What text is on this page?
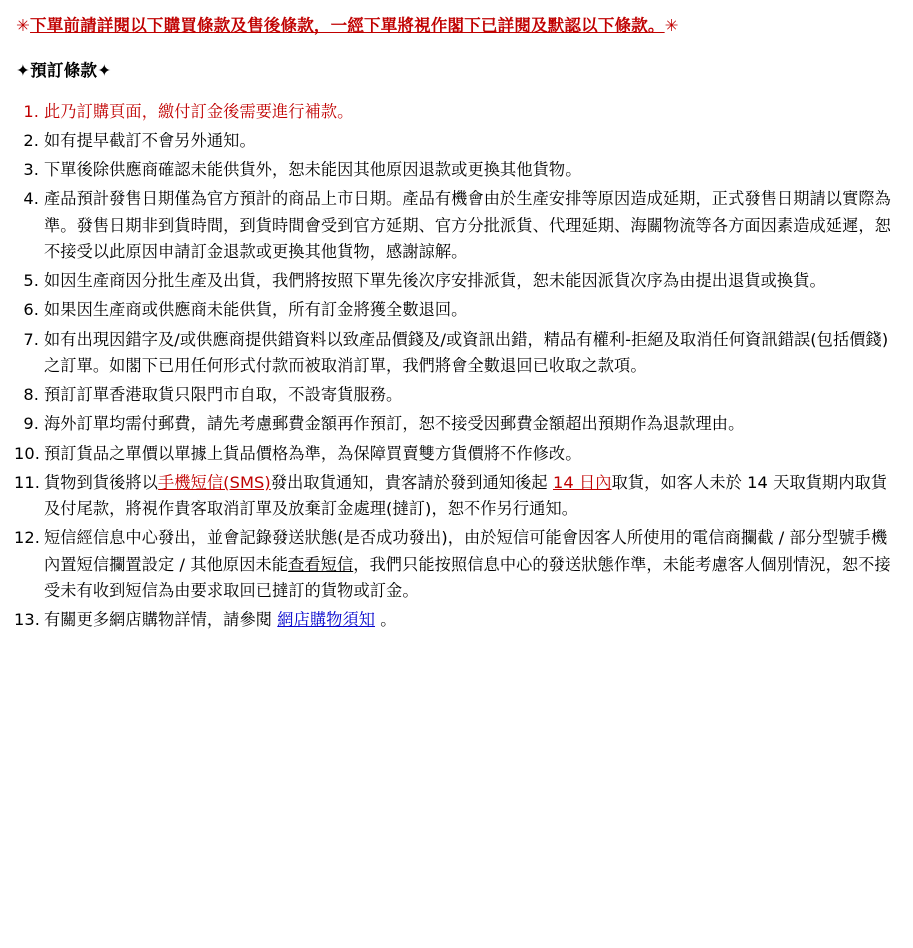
✳下單前請詳閱以下購買條款及售後條款，一經下單將視作閣下已詳閱及默認以下條款。✳
✦預訂條款✦
1. 此乃訂購頁面，繳付訂金後需要進行補款。
2. 如有提早截訂不會另外通知。
3. 下單後除供應商確認未能供貨外，恕未能因其他原因退款或更換其他貨物。
4. 產品預計發售日期僅為官方預計的商品上市日期。產品有機會由於生產安排等原因造成延期，正式發售日期請以實際為準。發售日期非到貨時間，到貨時間會受到官方延期、官方分批派貨、代理延期、海關物流等各方面因素造成延遲，恕不接受以此原因申請訂金退款或更換其他貨物，感謝諒解。
5. 如因生產商因分批生產及出貨，我們將按照下單先後次序安排派貨，恕未能因派貨次序為由提出退貨或換貨。
6. 如果因生產商或供應商未能供貨，所有訂金將獲全數退回。
7. 如有出現因錯字及/或供應商提供錯資料以致產品價錢及/或資訊出錯，精品有權利-拒絕及取消任何資訊錯誤(包括價錢) 之訂單。如閣下已用任何形式付款而被取消訂單，我們將會全數退回已收取之款項。
8. 預訂訂單香港取貨只限門市自取，不設寄貨服務。
9. 海外訂單均需付郵費，請先考慮郵費金額再作預訂，恕不接受因郵費金額超出預期作為退款理由。
10. 預訂貨品之單價以單據上貨品價格為準，為保障買賣雙方貨價將不作修改。
11. 貨物到貨後將以手機短信(SMS)發出取貨通知，貴客請於發到通知後起 14 日內取貨，如客人未於 14 天取貨期内取貨及付尾款，將視作貴客取消訂單及放棄訂金處理(撻訂)，恕不作另行通知。
12. 短信經信息中心發出，並會記錄發送狀態(是否成功發出)，由於短信可能會因客人所使用的電信商攔截 / 部分型號手機內置短信攔置設定 / 其他原因未能查看短信，我們只能按照信息中心的發送狀態作準，未能考慮客人個別情況，恕不接受未有收到短信為由要求取回已撻訂的貨物或訂金。
13. 有關更多網店購物詳情，請參閱 網店購物須知 。
